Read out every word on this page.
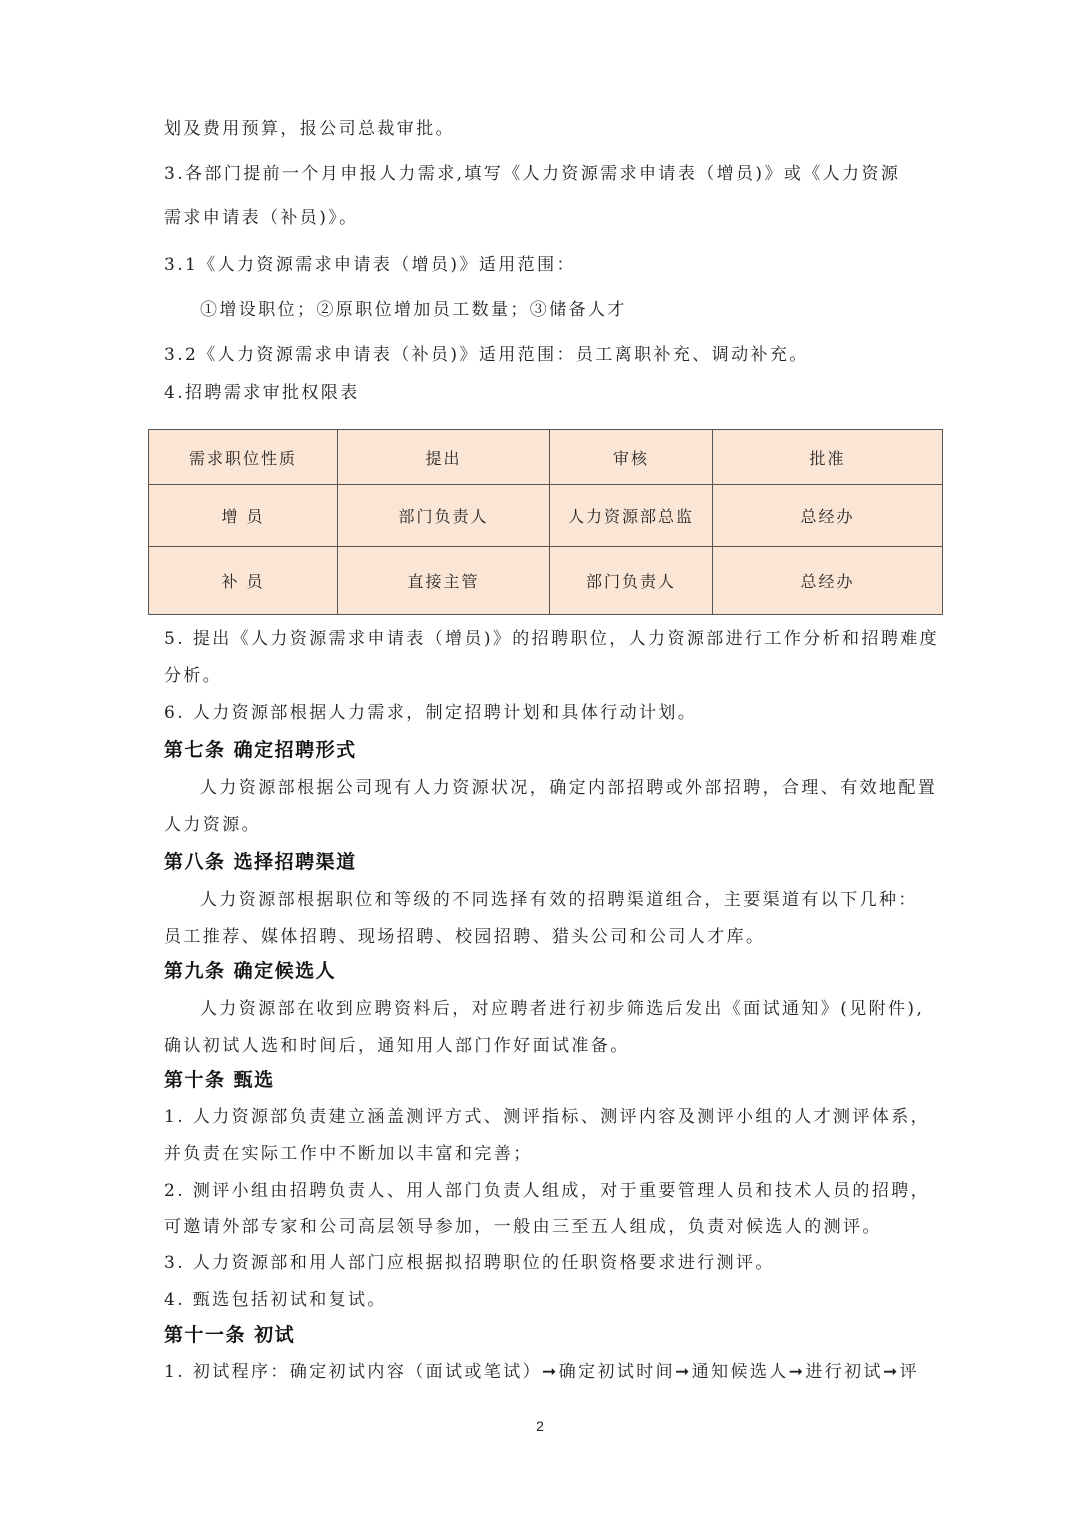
划及费用预算，报公司总裁审批。
3.各部门提前一个月申报人力需求,填写《人力资源需求申请表（增员)》或《人力资源
需求申请表（补员)》。
3.1《人力资源需求申请表（增员)》适用范围：
①增设职位；②原职位增加员工数量；③储备人才
3.2《人力资源需求申请表（补员)》适用范围：员工离职补充、调动补充。
4.招聘需求审批权限表
需求职位性质	提出	审核	批准
增 员	部门负责人	人力资源部总监	总经办
补 员	直接主管	部门负责人	总经办
5. 提出《人力资源需求申请表（增员)》的招聘职位，人力资源部进行工作分析和招聘难度
分析。
6. 人力资源部根据人力需求，制定招聘计划和具体行动计划。
第七条 确定招聘形式
人力资源部根据公司现有人力资源状况，确定内部招聘或外部招聘，合理、有效地配置
人力资源。
第八条 选择招聘渠道
人力资源部根据职位和等级的不同选择有效的招聘渠道组合，主要渠道有以下几种：
员工推荐、媒体招聘、现场招聘、校园招聘、猎头公司和公司人才库。
第九条 确定候选人
人力资源部在收到应聘资料后，对应聘者进行初步筛选后发出《面试通知》(见附件),
确认初试人选和时间后，通知用人部门作好面试准备。
第十条 甄选
1. 人力资源部负责建立涵盖测评方式、测评指标、测评内容及测评小组的人才测评体系，
并负责在实际工作中不断加以丰富和完善；
2. 测评小组由招聘负责人、用人部门负责人组成，对于重要管理人员和技术人员的招聘，
可邀请外部专家和公司高层领导参加，一般由三至五人组成，负责对候选人的测评。
3. 人力资源部和用人部门应根据拟招聘职位的任职资格要求进行测评。
4. 甄选包括初试和复试。
第十一条 初试
1. 初试程序：确定初试内容（面试或笔试）➞确定初试时间➞通知候选人➞进行初试➞评
2
